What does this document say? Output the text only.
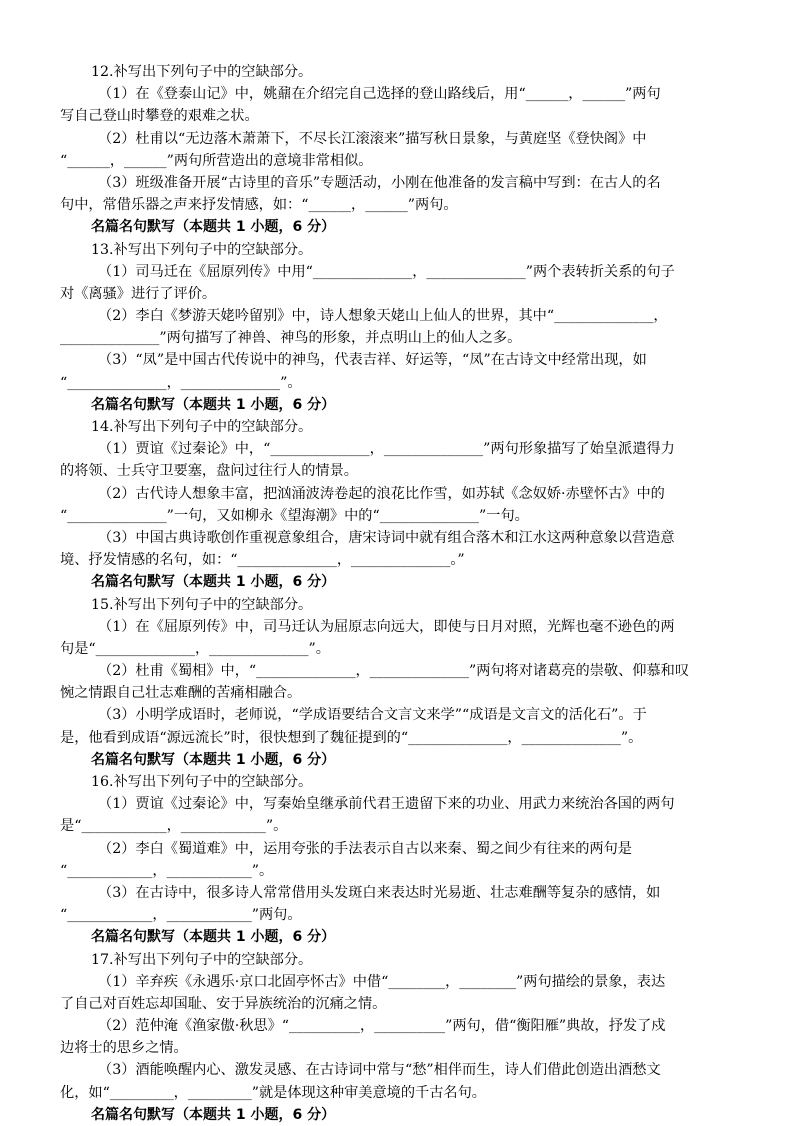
12.补写出下列句子中的空缺部分。
（1）在《登泰山记》中，姚鼐在介绍完自己选择的登山路线后，用“______，______”两句
写自己登山时攀登的艰难之状。
（2）杜甫以“无边落木萧萧下，不尽长江滚滚来”描写秋日景象，与黄庭坚《登快阁》中
“______，______”两句所营造出的意境非常相似。
（3）班级准备开展“古诗里的音乐”专题活动，小刚在他准备的发言稿中写到：在古人的名
句中，常借乐器之声来抒发情感，如：“______，______”两句。
名篇名句默写（本题共 1 小题，6 分）
13.补写出下列句子中的空缺部分。
（1）司马迁在《屈原列传》中用“______________，______________”两个表转折关系的句子
对《离骚》进行了评价。
（2）李白《梦游天姥吟留别》中，诗人想象天姥山上仙人的世界，其中“______________，
______________”两句描写了神兽、神鸟的形象，并点明山上的仙人之多。
（3）“凤”是中国古代传说中的神鸟，代表吉祥、好运等，“凤”在古诗文中经常出现，如
“______________，______________”。
名篇名句默写（本题共 1 小题，6 分）
14.补写出下列句子中的空缺部分。
（1）贾谊《过秦论》中，“______________，______________”两句形象描写了始皇派遣得力
的将领、士兵守卫要塞，盘问过往行人的情景。
（2）古代诗人想象丰富，把汹涌波涛卷起的浪花比作雪，如苏轼《念奴娇·赤壁怀古》中的
“______________”一句，又如柳永《望海潮》中的“______________”一句。
（3）中国古典诗歌创作重视意象组合，唐宋诗词中就有组合落木和江水这两种意象以营造意
境、抒发情感的名句，如：“______________，______________。”
名篇名句默写（本题共 1 小题，6 分）
15.补写出下列句子中的空缺部分。
（1）在《屈原列传》中，司马迁认为屈原志向远大，即使与日月对照，光辉也毫不逊色的两
句是“______________，______________”。
（2）杜甫《蜀相》中，“______________，______________”两句将对诸葛亮的崇敬、仰慕和叹
惋之情跟自己壮志难酬的苦痛相融合。
（3）小明学成语时，老师说，“学成语要结合文言文来学”“成语是文言文的活化石”。于
是，他看到成语“源远流长”时，很快想到了魏征提到的“______________，______________”。
名篇名句默写（本题共 1 小题，6 分）
16.补写出下列句子中的空缺部分。
（1）贾谊《过秦论》中，写秦始皇继承前代君王遗留下来的功业、用武力来统治各国的两句
是“____________，____________”。
（2）李白《蜀道难》中，运用夸张的手法表示自古以来秦、蜀之间少有往来的两句是
“____________，____________”。
（3）在古诗中，很多诗人常常借用头发斑白来表达时光易逝、壮志难酬等复杂的感情，如
“____________，____________”两句。
名篇名句默写（本题共 1 小题，6 分）
17.补写出下列句子中的空缺部分。
（1）辛弃疾《永遇乐·京口北固亭怀古》中借“________，________”两句描绘的景象，表达
了自己对百姓忘却国耻、安于异族统治的沉痛之情。
（2）范仲淹《渔家傲·秋思》“__________，__________”两句，借“衡阳雁”典故，抒发了戍
边将士的思乡之情。
（3）酒能唤醒内心、激发灵感、在古诗词中常与“愁”相伴而生，诗人们借此创造出酒愁文
化，如“_________，_________”就是体现这种审美意境的千古名句。
名篇名句默写（本题共 1 小题，6 分）
